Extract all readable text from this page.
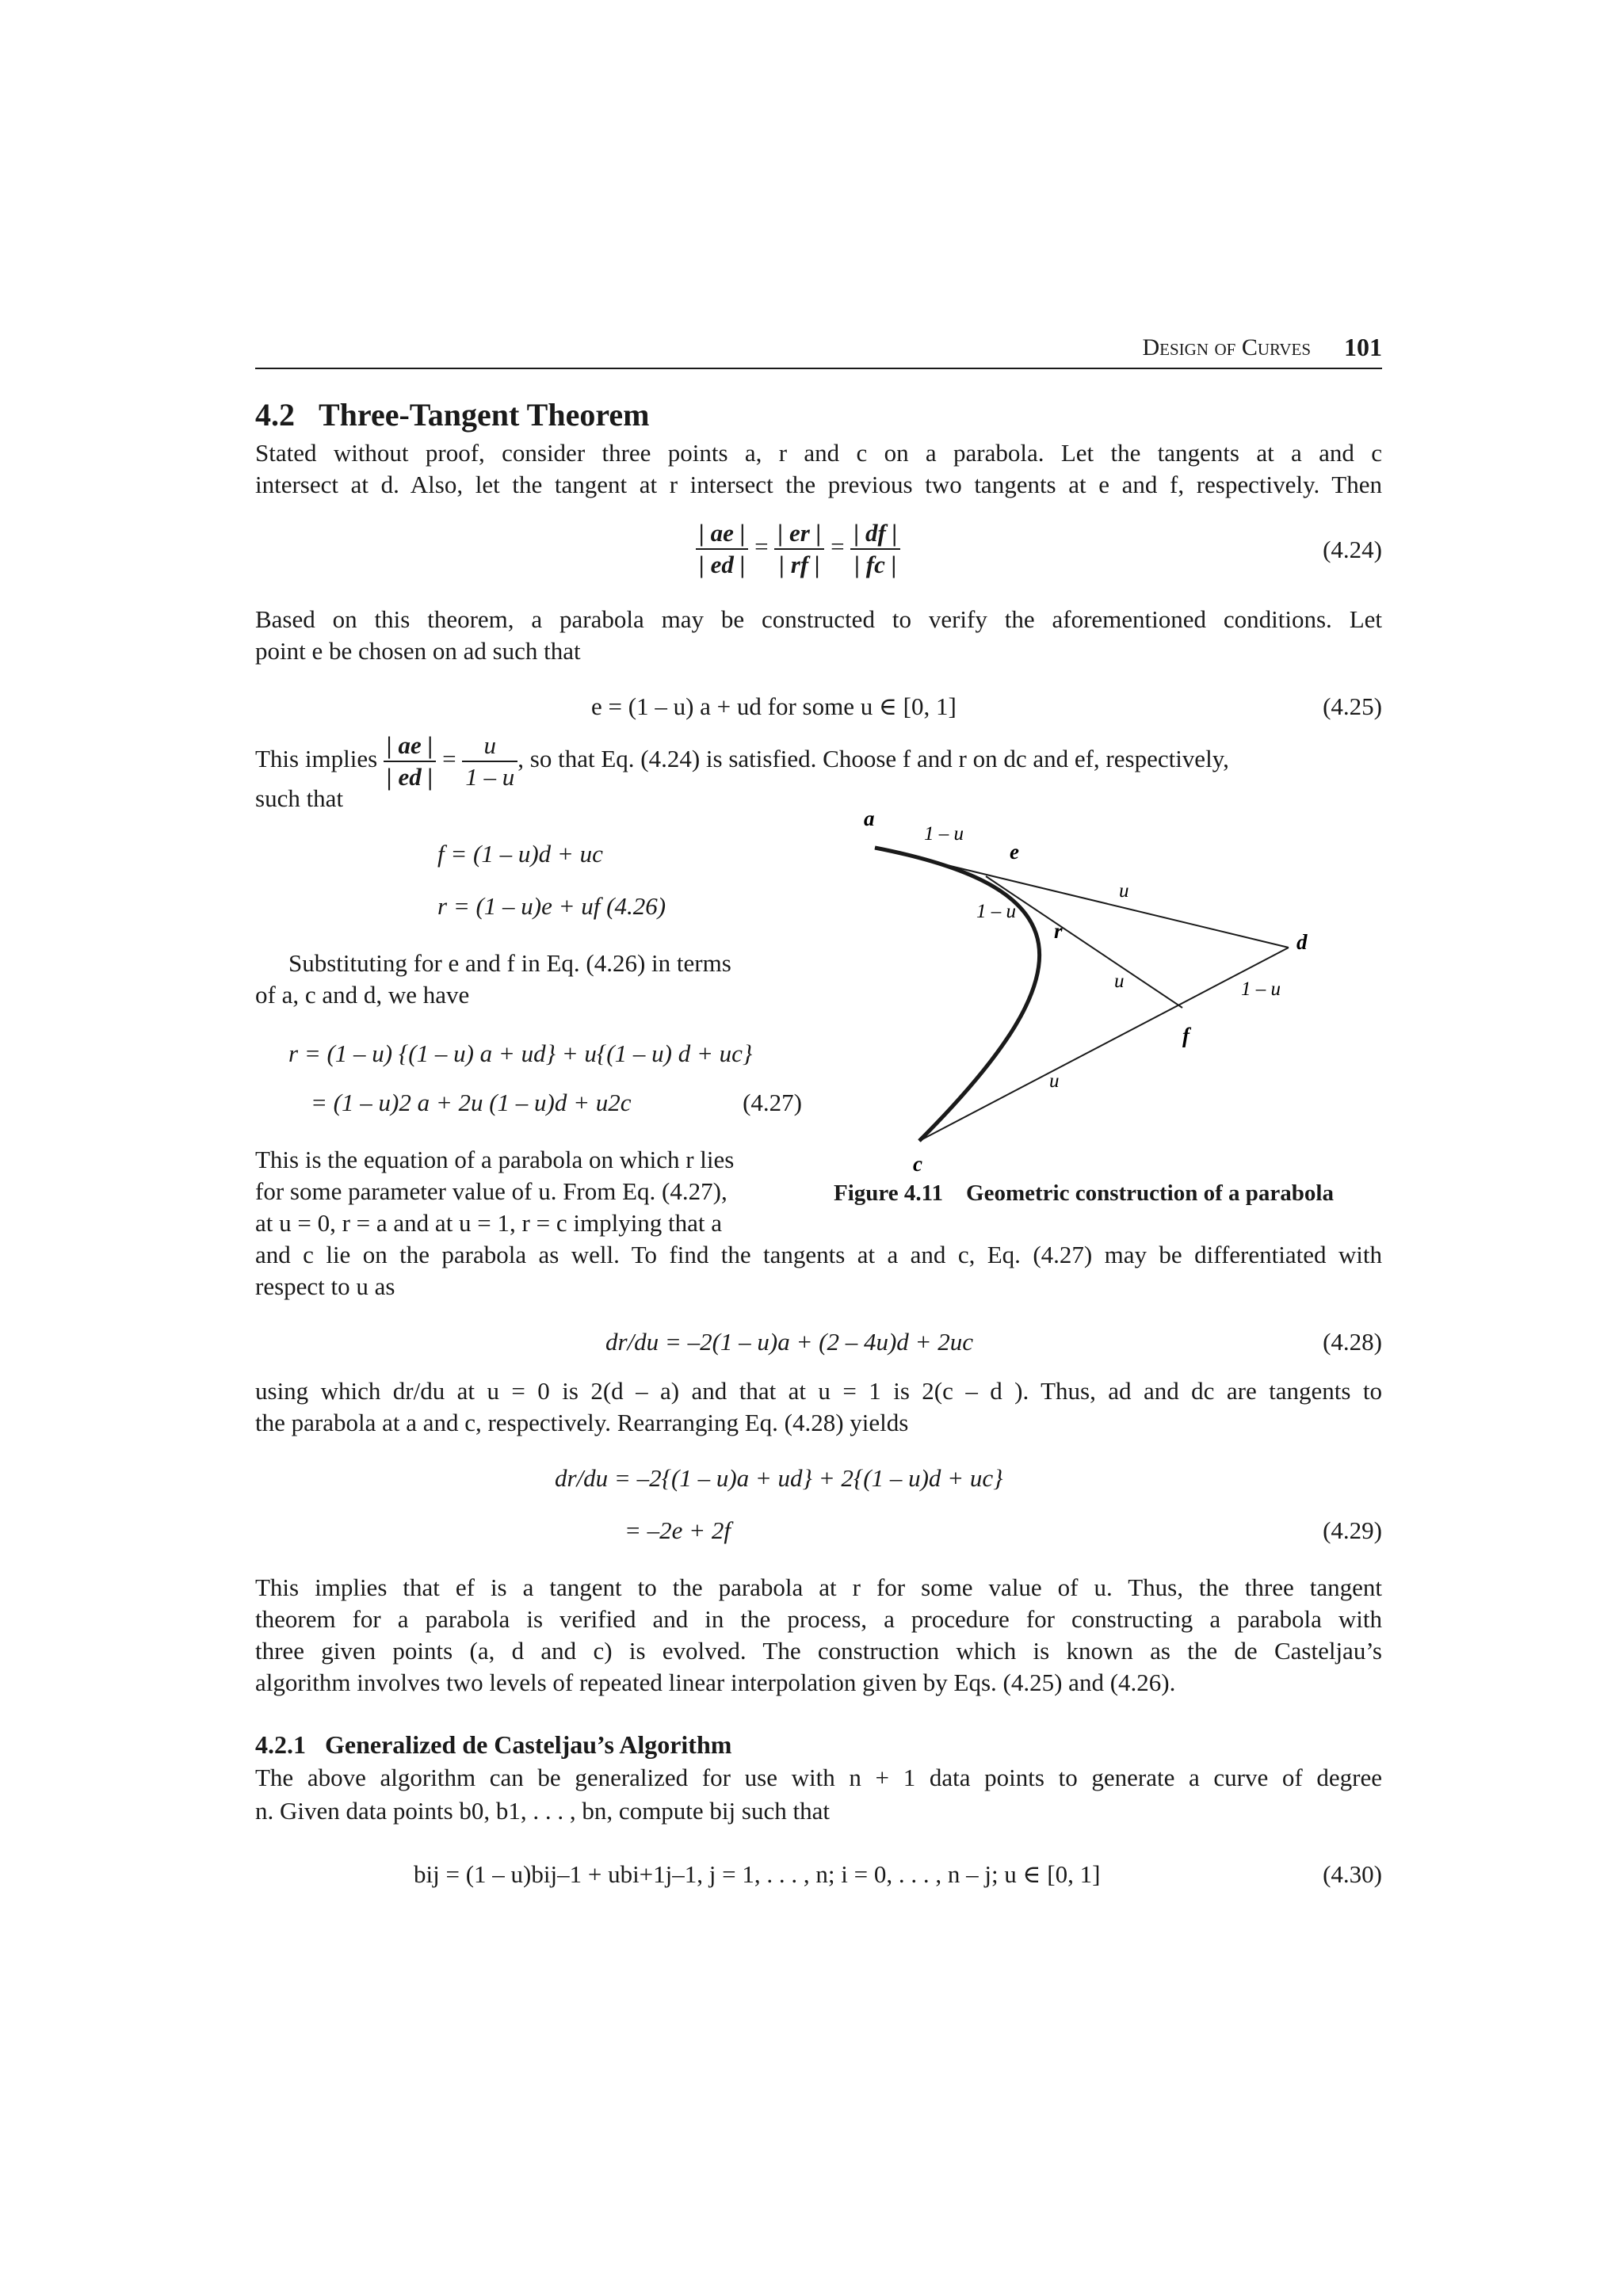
Design of Curves 101
4.2 Three-Tangent Theorem
Stated without proof, consider three points a, r and c on a parabola. Let the tangents at a and c
intersect at d. Also, let the tangent at r intersect the previous two tangents at e and f, respectively. Then
$\frac{| ae |}{| ed |} = \frac{| er |}{| rf |} = \frac{| df |}{| fc |}$	(4.24)
Based on this theorem, a parabola may be constructed to verify the aforementioned conditions. Let
point e be chosen on ad such that
e = (1 – u) a + ud for some u ∈ [0, 1]	(4.25)
This implies $\frac{| ae |}{| ed |} = \frac{u}{1 - u}$ , so that Eq. (4.24) is satisfied. Choose f and r on dc and ef, respectively,
such that
f = (1 – u)d + uc
r = (1 – u)e + uf (4.26)
Substituting for e and f in Eq. (4.26) in terms
of a, c and d, we have
r = (1 – u) {(1 – u) a + ud} + u{(1 – u) d + uc}
= (1 – u)2 a + 2u (1 – u)d + u2c	(4.27)
This is the equation of a parabola on which r lies
for some parameter value of u. From Eq. (4.27),
at u = 0, r = a and at u = 1, r = c implying that a
and c lie on the parabola as well. To find the tangents at a and c, Eq. (4.27) may be differentiated with
respect to u as
a
e
r	d
f
c
1 – u
u
1 – u
u	1 – u
u
Figure 4.11 Geometric construction of a parabola
dr/du = –2(1 – u)a + (2 – 4u)d + 2uc	(4.28)
using which dr/du at u = 0 is 2(d – a) and that at u = 1 is 2(c – d ). Thus, ad and dc are tangents to
the parabola at a and c, respectively. Rearranging Eq. (4.28) yields
dr/du = –2{(1 – u)a + ud} + 2{(1 – u)d + uc}
= –2e + 2f	(4.29)
This implies that ef is a tangent to the parabola at r for some value of u. Thus, the three tangent
theorem for a parabola is verified and in the process, a procedure for constructing a parabola with
three given points (a, d and c) is evolved. The construction which is known as the de Casteljau’s
algorithm involves two levels of repeated linear interpolation given by Eqs. (4.25) and (4.26).
4.2.1 Generalized de Casteljau’s Algorithm
The above algorithm can be generalized for use with n + 1 data points to generate a curve of degree
n. Given data points b0, b1, . . . , bn, compute bij such that
bij = (1 – u)bij–1 + ubi+1j–1, j = 1, . . . , n; i = 0, . . . , n – j; u ∈ [0, 1]	(4.30)
